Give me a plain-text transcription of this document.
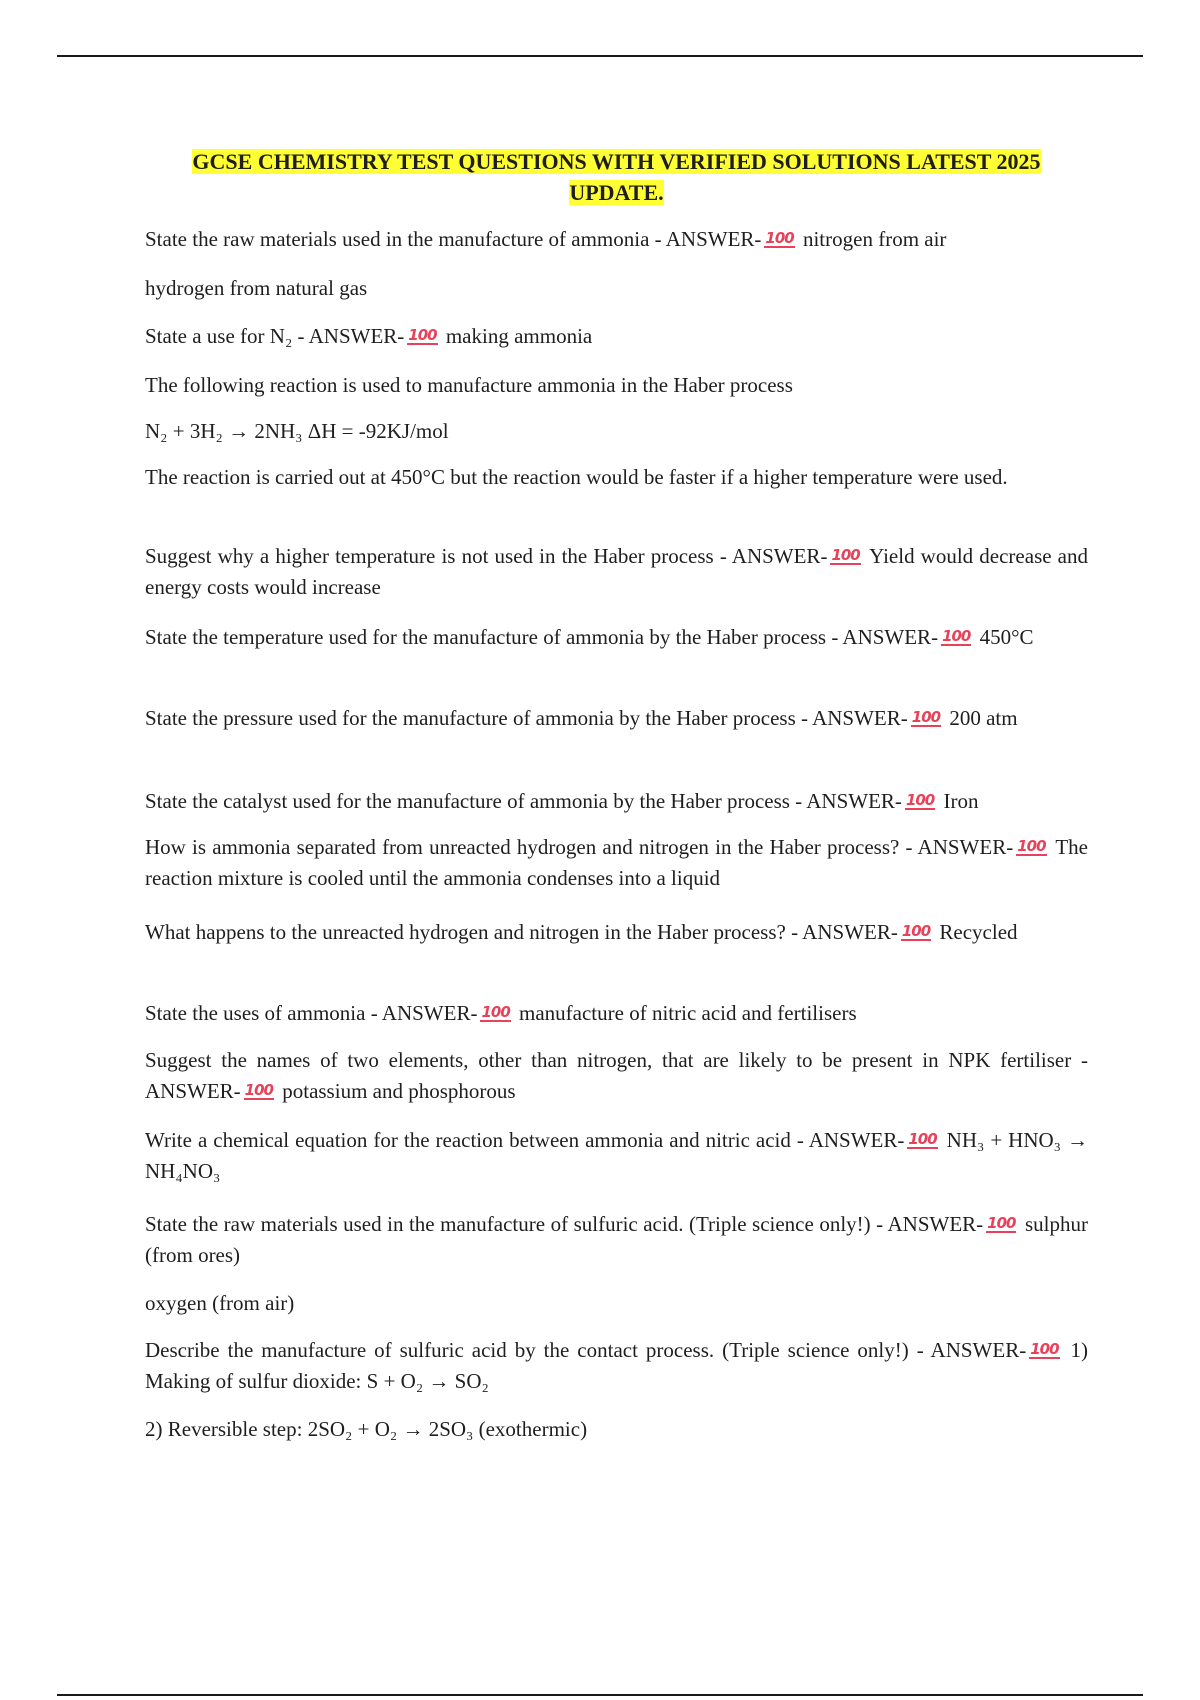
GCSE CHEMISTRY TEST QUESTIONS WITH VERIFIED SOLUTIONS LATEST 2025 UPDATE.

State the raw materials used in the manufacture of ammonia - ANSWER- 100 nitrogen from air

hydrogen from natural gas

State a use for N₂ - ANSWER- 100 making ammonia

The following reaction is used to manufacture ammonia in the Haber process

N₂ + 3H₂ → 2NH₃ ΔH = -92KJ/mol

The reaction is carried out at 450°C but the reaction would be faster if a higher temperature were used.

Suggest why a higher temperature is not used in the Haber process - ANSWER- 100 Yield would decrease and energy costs would increase

State the temperature used for the manufacture of ammonia by the Haber process - ANSWER- 100 450°C

State the pressure used for the manufacture of ammonia by the Haber process - ANSWER- 100 200 atm

State the catalyst used for the manufacture of ammonia by the Haber process - ANSWER- 100 Iron

How is ammonia separated from unreacted hydrogen and nitrogen in the Haber process? - ANSWER- 100 The reaction mixture is cooled until the ammonia condenses into a liquid

What happens to the unreacted hydrogen and nitrogen in the Haber process? - ANSWER- 100 Recycled

State the uses of ammonia - ANSWER- 100 manufacture of nitric acid and fertilisers

Suggest the names of two elements, other than nitrogen, that are likely to be present in NPK fertiliser - ANSWER- 100 potassium and phosphorous

Write a chemical equation for the reaction between ammonia and nitric acid - ANSWER- 100 NH₃ + HNO₃ → NH₄NO₃

State the raw materials used in the manufacture of sulfuric acid. (Triple science only!) - ANSWER- 100 sulphur (from ores)

oxygen (from air)

Describe the manufacture of sulfuric acid by the contact process. (Triple science only!) - ANSWER- 100 1) Making of sulfur dioxide: S + O₂ → SO₂

2) Reversible step: 2SO₂ + O₂ → 2SO₃ (exothermic)
